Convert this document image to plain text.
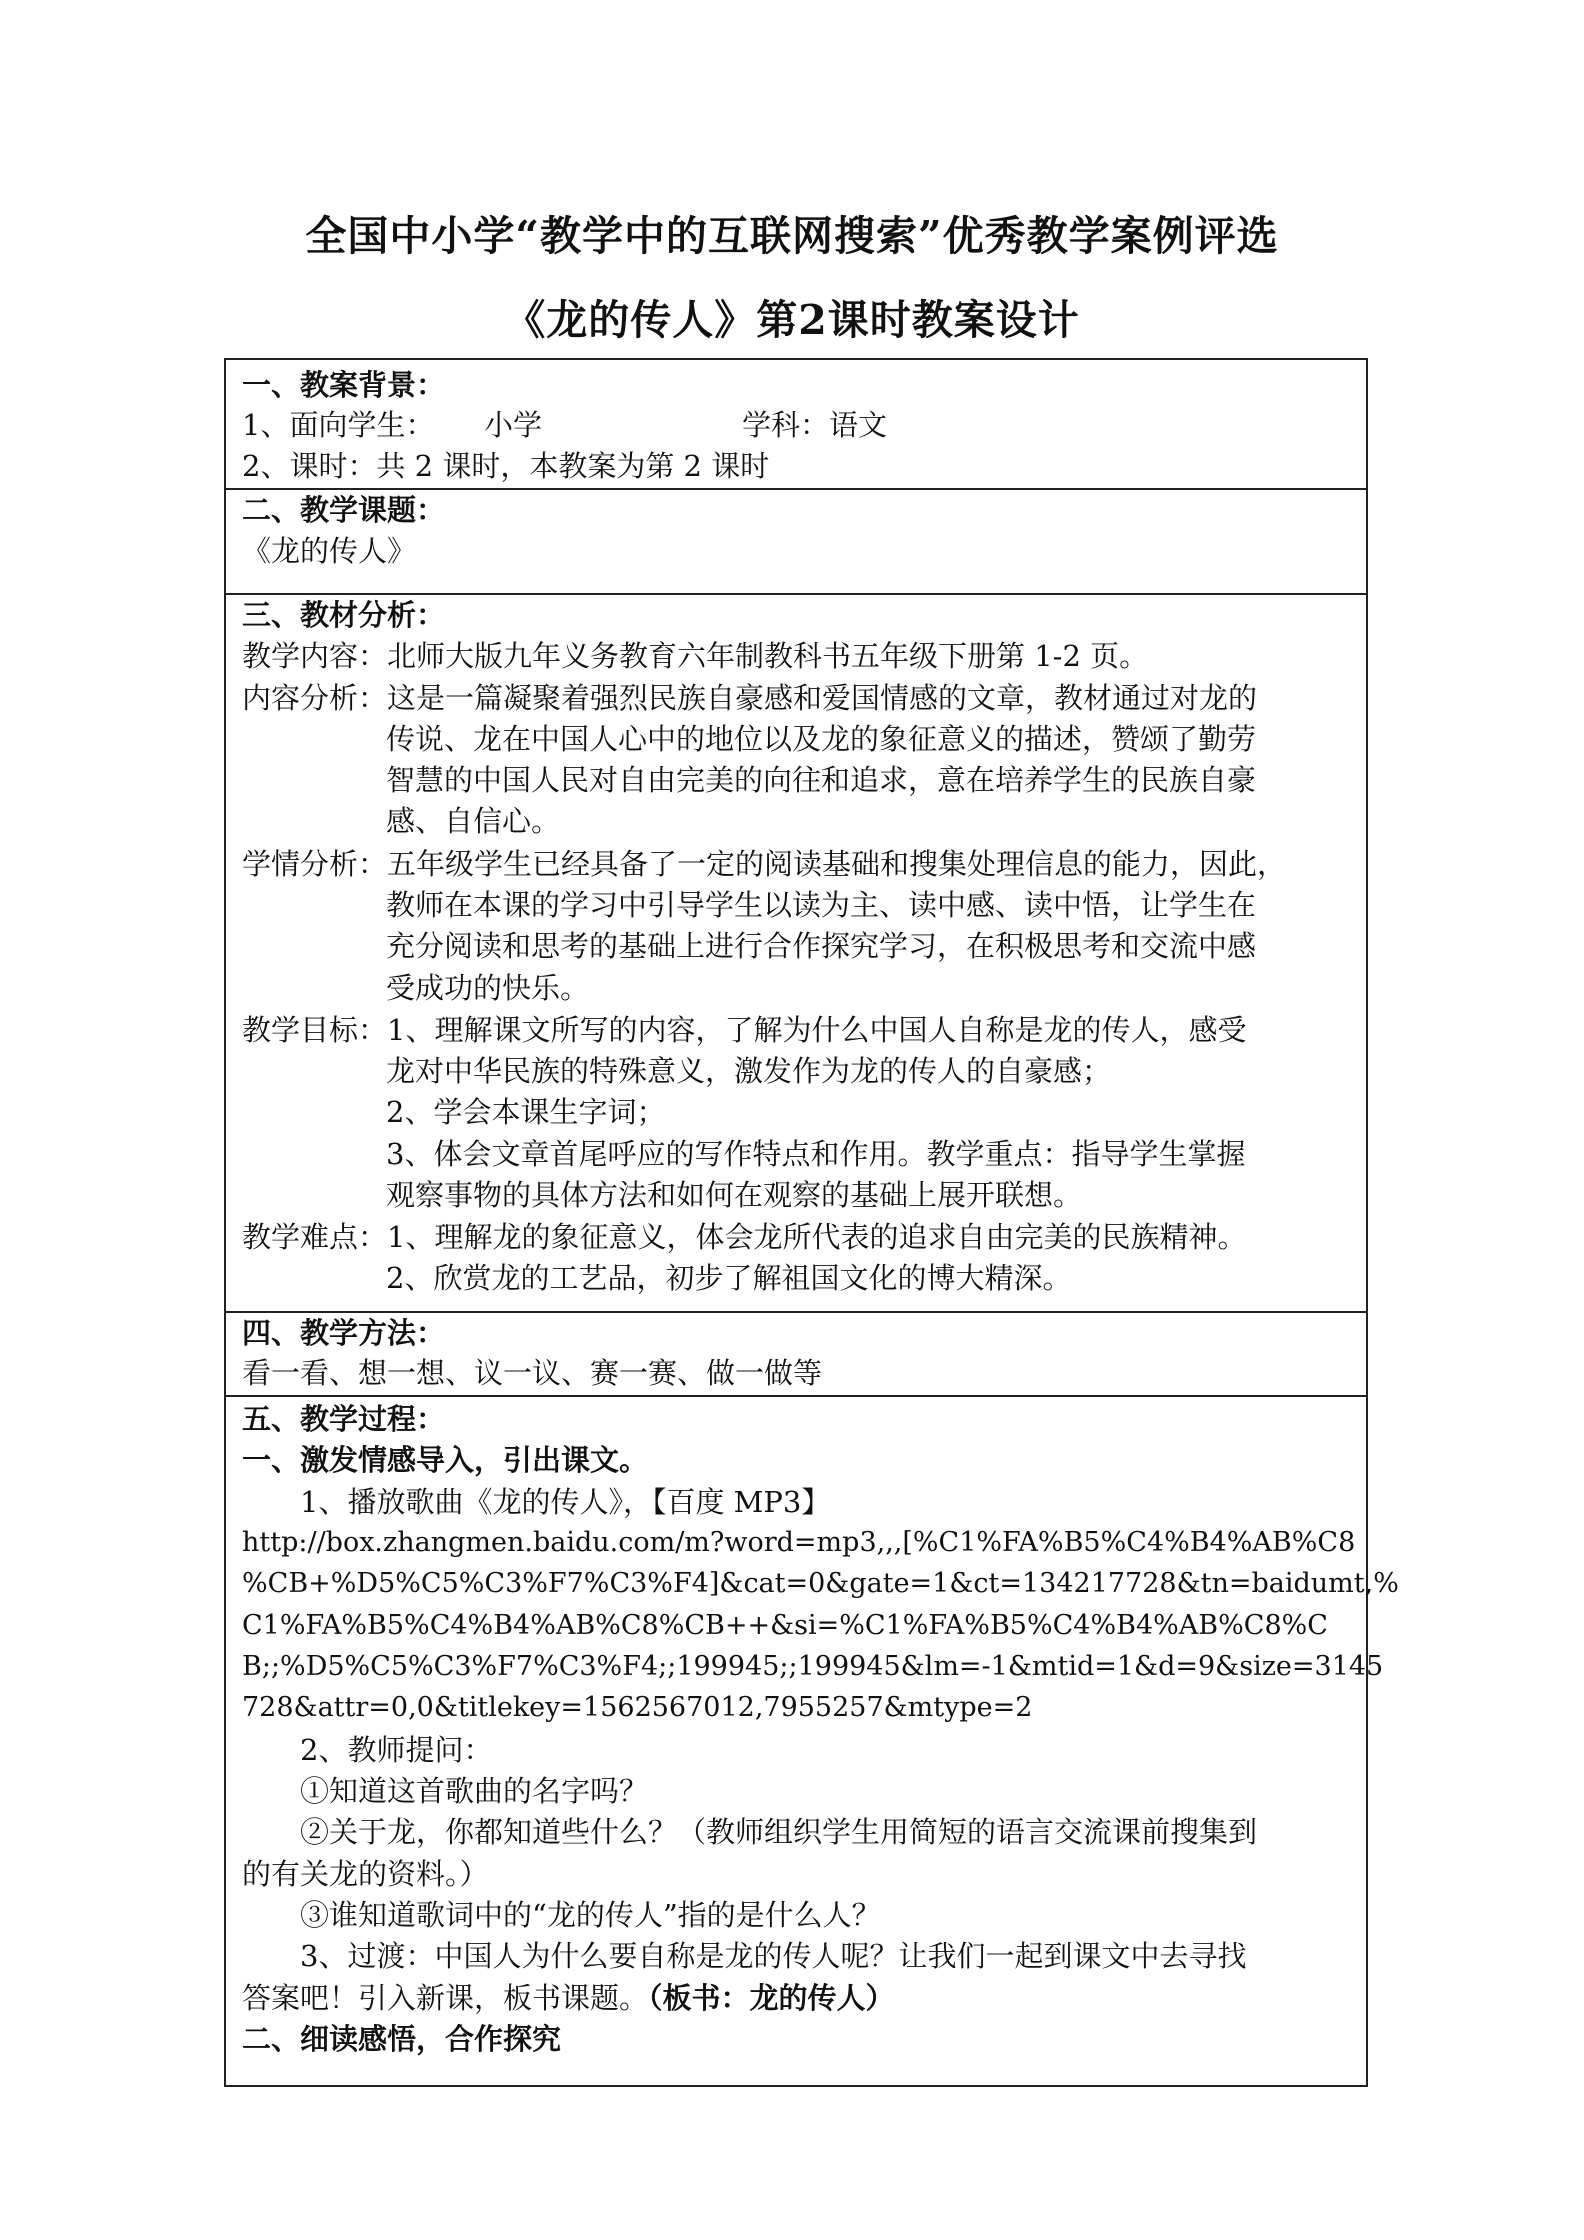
全国中小学“教学中的互联网搜索”优秀教学案例评选
《龙的传人》第2课时教案设计
一、教案背景：
1、面向学生： 小学	学科：语文
2、课时：共 2 课时，本教案为第 2 课时
二、教学课题：
《龙的传人》
三、教材分析：
教学内容：北师大版九年义务教育六年制教科书五年级下册第 1-2 页。
内容分析：这是一篇凝聚着强烈民族自豪感和爱国情感的文章，教材通过对龙的
传说、龙在中国人心中的地位以及龙的象征意义的描述，赞颂了勤劳
智慧的中国人民对自由完美的向往和追求，意在培养学生的民族自豪
感、自信心。
学情分析：五年级学生已经具备了一定的阅读基础和搜集处理信息的能力，因此，
教师在本课的学习中引导学生以读为主、读中感、读中悟，让学生在
充分阅读和思考的基础上进行合作探究学习，在积极思考和交流中感
受成功的快乐。
教学目标：1、理解课文所写的内容，了解为什么中国人自称是龙的传人，感受
龙对中华民族的特殊意义，激发作为龙的传人的自豪感；
2、学会本课生字词；
3、体会文章首尾呼应的写作特点和作用。教学重点：指导学生掌握
观察事物的具体方法和如何在观察的基础上展开联想。
教学难点：1、理解龙的象征意义，体会龙所代表的追求自由完美的民族精神。
2、欣赏龙的工艺品，初步了解祖国文化的博大精深。
四、教学方法：
看一看、想一想、议一议、赛一赛、做一做等
五、教学过程：
一、激发情感导入，引出课文。
1、播放歌曲《龙的传人》，【百度 MP3】
http://box.zhangmen.baidu.com/m?word=mp3,,,[%C1%FA%B5%C4%B4%AB%C8
%CB+%D5%C5%C3%F7%C3%F4]&cat=0&gate=1&ct=134217728&tn=baidumt,%
C1%FA%B5%C4%B4%AB%C8%CB++&si=%C1%FA%B5%C4%B4%AB%C8%C
B;;%D5%C5%C3%F7%C3%F4;;199945;;199945&lm=-1&mtid=1&d=9&size=3145
728&attr=0,0&titlekey=1562567012,7955257&mtype=2
2、教师提问：
①知道这首歌曲的名字吗？
②关于龙，你都知道些什么？（教师组织学生用简短的语言交流课前搜集到
的有关龙的资料。）
③谁知道歌词中的“龙的传人”指的是什么人？
3、过渡：中国人为什么要自称是龙的传人呢？让我们一起到课文中去寻找
答案吧！引入新课，板书课题。（板书：龙的传人）
二、细读感悟，合作探究
